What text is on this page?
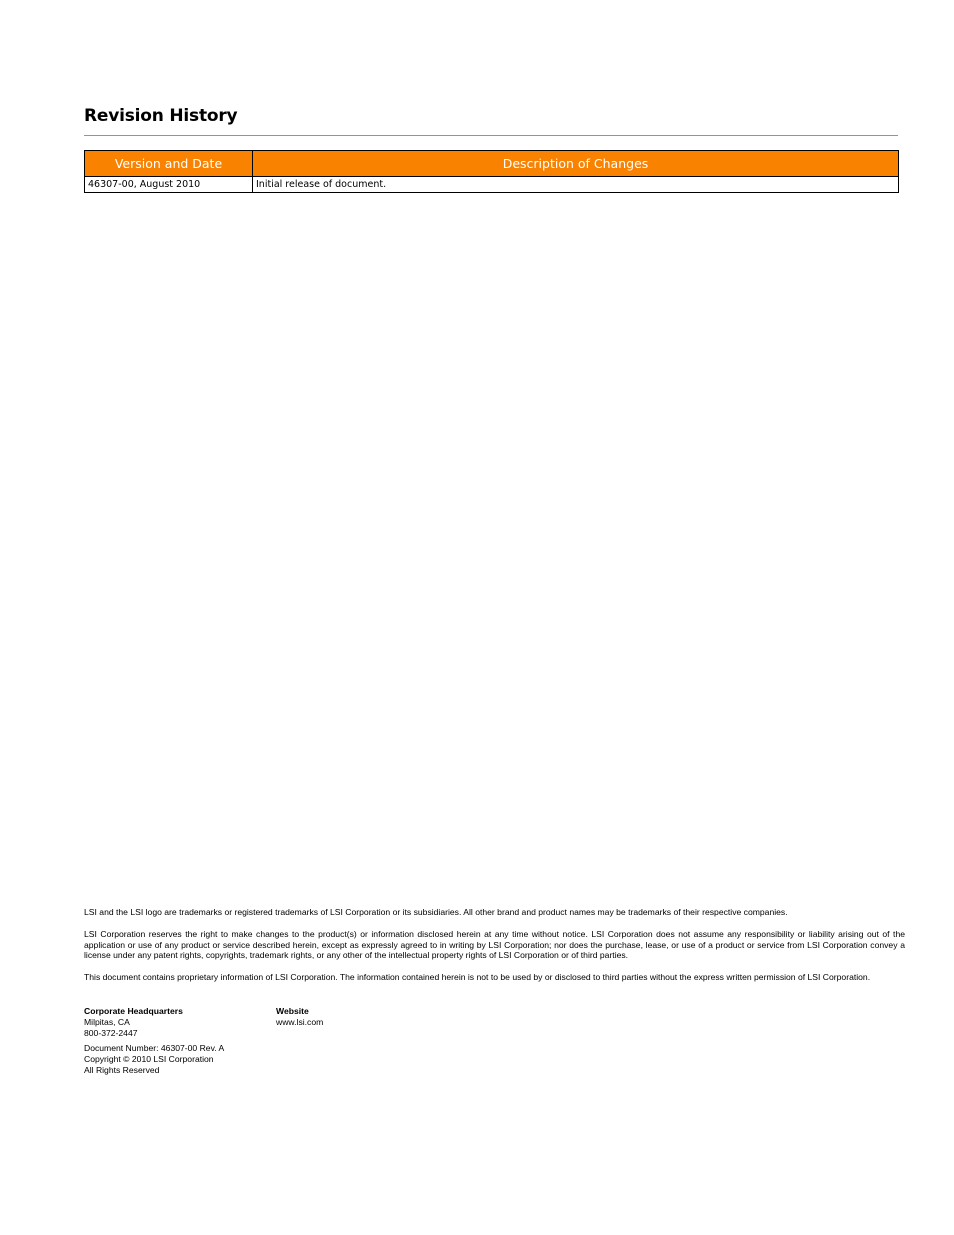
Revision History
Version and Date	Description of Changes
46307-00, August 2010	Initial release of document.

LSI and the LSI logo are trademarks or registered trademarks of LSI Corporation or its subsidiaries. All other brand and product names may be trademarks of their respective companies.

LSI Corporation reserves the right to make changes to the product(s) or information disclosed herein at any time without notice. LSI Corporation does not assume any responsibility or liability arising out of the application or use of any product or service described herein, except as expressly agreed to in writing by LSI Corporation; nor does the purchase, lease, or use of a product or service from LSI Corporation convey a license under any patent rights, copyrights, trademark rights, or any other of the intellectual property rights of LSI Corporation or of third parties.

This document contains proprietary information of LSI Corporation. The information contained herein is not to be used by or disclosed to third parties without the express written permission of LSI Corporation.

Corporate Headquarters
Milpitas, CA
800-372-2447
Website
www.lsi.com
Document Number: 46307-00 Rev. A
Copyright © 2010 LSI Corporation
All Rights Reserved
